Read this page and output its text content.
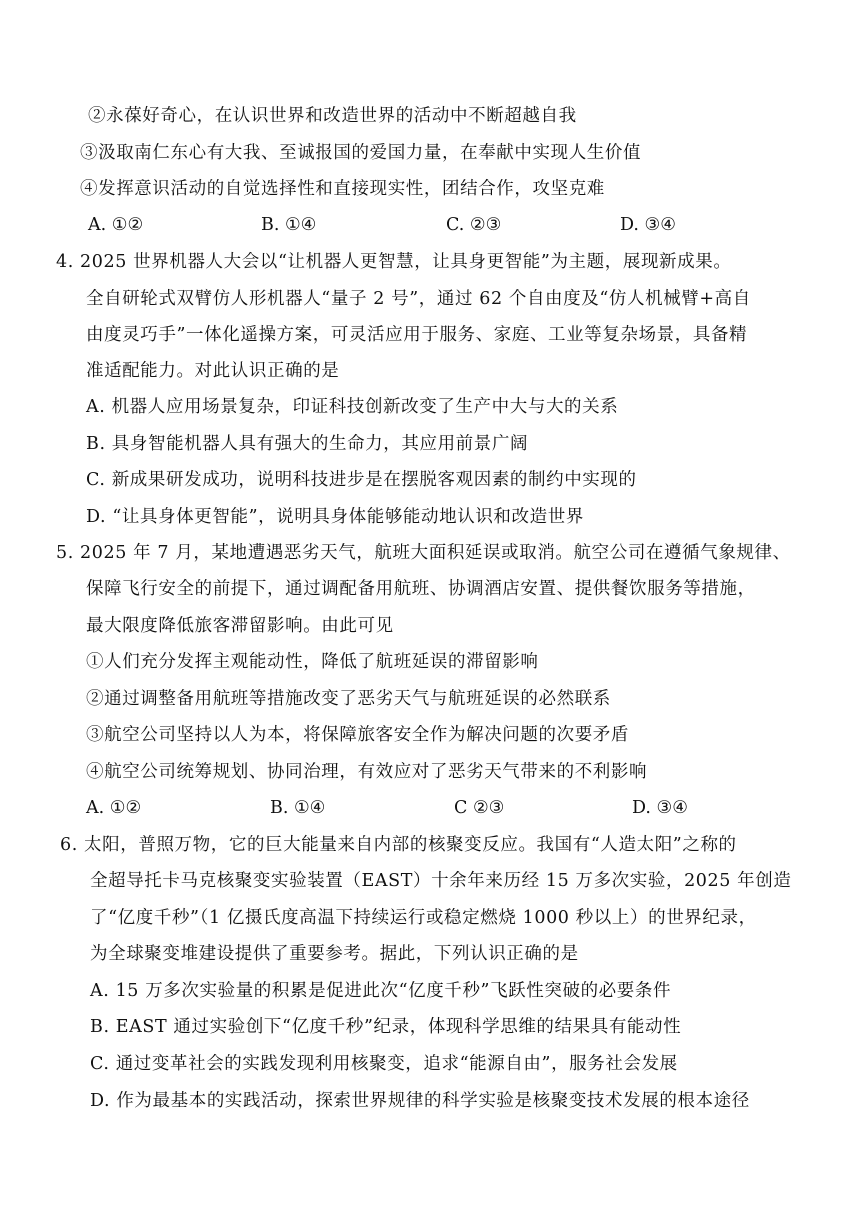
②永葆好奇心，在认识世界和改造世界的活动中不断超越自我
③汲取南仁东心有大我、至诚报国的爱国力量，在奉献中实现人生价值
④发挥意识活动的自觉选择性和直接现实性，团结合作，攻坚克难
A. ①②	B. ①④	C. ②③	D. ③④
4. 2025 世界机器人大会以“让机器人更智慧，让具身更智能”为主题，展现新成果。
全自研轮式双臂仿人形机器人“量子 2 号”，通过 62 个自由度及“仿人机械臂+高自
由度灵巧手”一体化遥操方案，可灵活应用于服务、家庭、工业等复杂场景，具备精
准适配能力。对此认识正确的是
A. 机器人应用场景复杂，印证科技创新改变了生产中大与大的关系
B. 具身智能机器人具有强大的生命力，其应用前景广阔
C. 新成果研发成功，说明科技进步是在摆脱客观因素的制约中实现的
D. “让具身体更智能”，说明具身体能够能动地认识和改造世界
5. 2025 年 7 月，某地遭遇恶劣天气，航班大面积延误或取消。航空公司在遵循气象规律、
保障飞行安全的前提下，通过调配备用航班、协调酒店安置、提供餐饮服务等措施，
最大限度降低旅客滞留影响。由此可见
①人们充分发挥主观能动性，降低了航班延误的滞留影响
②通过调整备用航班等措施改变了恶劣天气与航班延误的必然联系
③航空公司坚持以人为本，将保障旅客安全作为解决问题的次要矛盾
④航空公司统筹规划、协同治理，有效应对了恶劣天气带来的不利影响
A. ①②	B. ①④	C ②③	D. ③④
6. 太阳，普照万物，它的巨大能量来自内部的核聚变反应。我国有“人造太阳”之称的
全超导托卡马克核聚变实验装置（EAST）十余年来历经 15 万多次实验，2025 年创造
了“亿度千秒”（1 亿摄氏度高温下持续运行或稳定燃烧 1000 秒以上）的世界纪录，
为全球聚变堆建设提供了重要参考。据此，下列认识正确的是
A. 15 万多次实验量的积累是促进此次“亿度千秒”飞跃性突破的必要条件
B. EAST 通过实验创下“亿度千秒”纪录，体现科学思维的结果具有能动性
C. 通过变革社会的实践发现利用核聚变，追求“能源自由”，服务社会发展
D. 作为最基本的实践活动，探索世界规律的科学实验是核聚变技术发展的根本途径
